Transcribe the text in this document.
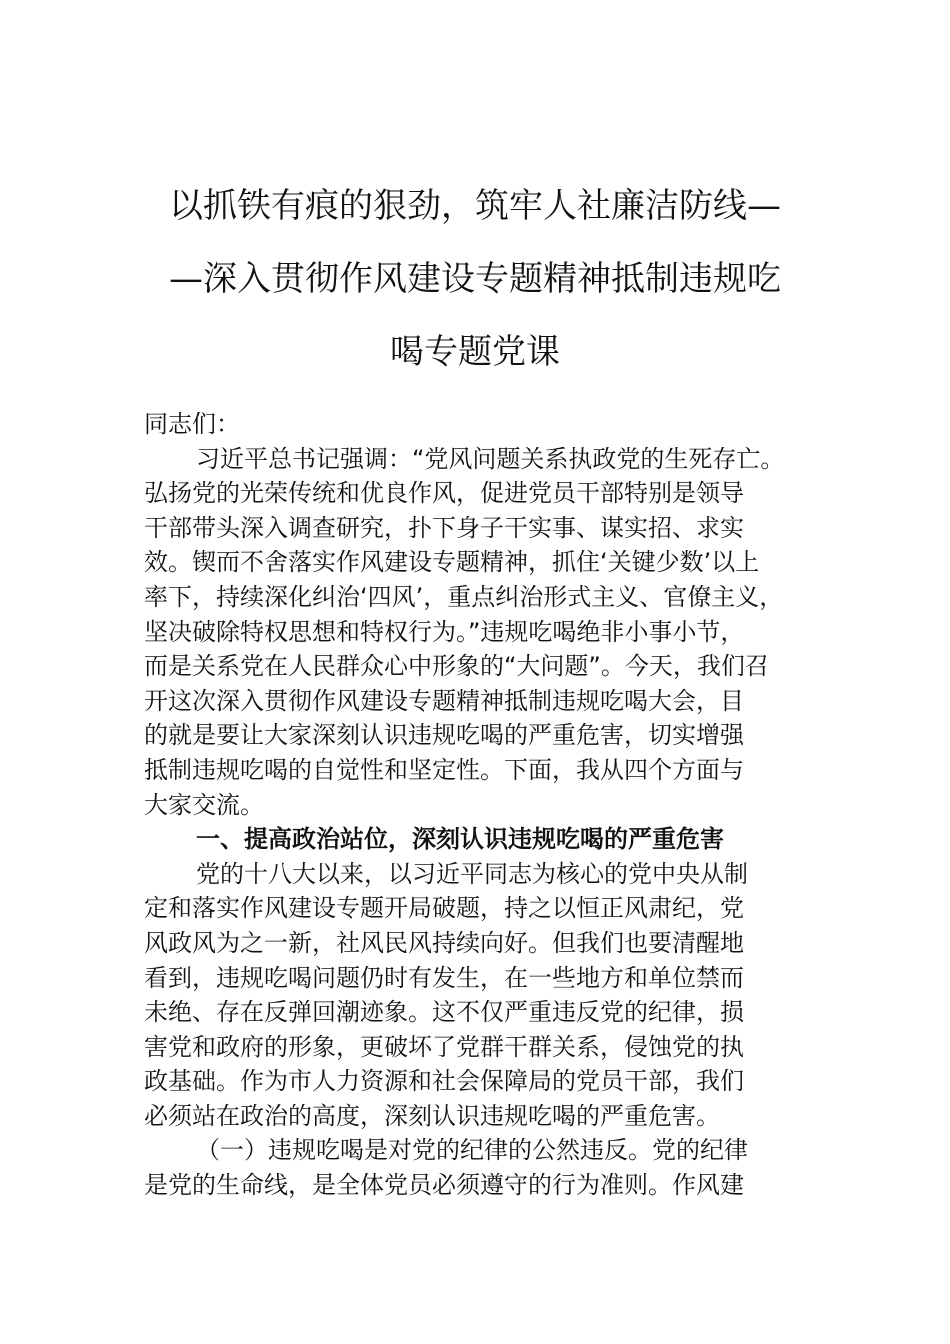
以抓铁有痕的狠劲，筑牢人社廉洁防线—
—深入贯彻作风建设专题精神抵制违规吃
喝专题党课
同志们：
习近平总书记强调：“党风问题关系执政党的生死存亡。
弘扬党的光荣传统和优良作风，促进党员干部特别是领导
干部带头深入调查研究，扑下身子干实事、谋实招、求实
效。锲而不舍落实作风建设专题精神，抓住‘关键少数’以上
率下，持续深化纠治‘四风’，重点纠治形式主义、官僚主义，
坚决破除特权思想和特权行为。”违规吃喝绝非小事小节，
而是关系党在人民群众心中形象的“大问题”。今天，我们召
开这次深入贯彻作风建设专题精神抵制违规吃喝大会，目
的就是要让大家深刻认识违规吃喝的严重危害，切实增强
抵制违规吃喝的自觉性和坚定性。下面，我从四个方面与
大家交流。
一、提高政治站位，深刻认识违规吃喝的严重危害
党的十八大以来，以习近平同志为核心的党中央从制
定和落实作风建设专题开局破题，持之以恒正风肃纪，党
风政风为之一新，社风民风持续向好。但我们也要清醒地
看到，违规吃喝问题仍时有发生，在一些地方和单位禁而
未绝、存在反弹回潮迹象。这不仅严重违反党的纪律，损
害党和政府的形象，更破坏了党群干群关系，侵蚀党的执
政基础。作为市人力资源和社会保障局的党员干部，我们
必须站在政治的高度，深刻认识违规吃喝的严重危害。
（一）违规吃喝是对党的纪律的公然违反。党的纪律
是党的生命线，是全体党员必须遵守的行为准则。作风建
